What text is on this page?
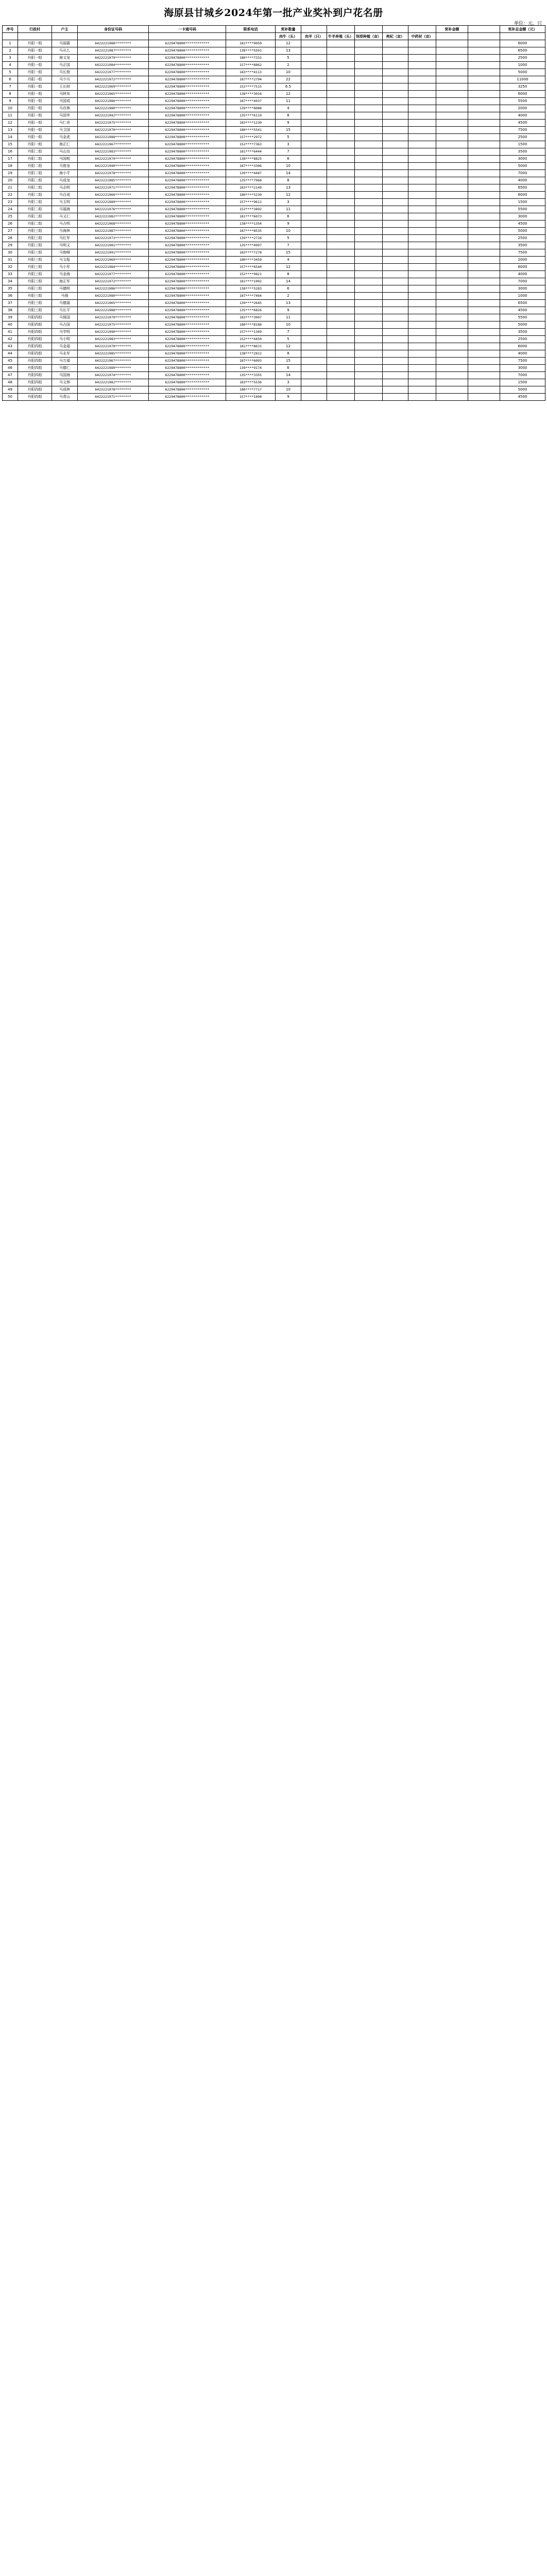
海原县甘城乡2024年第一批产业奖补到户花名册
单位：元、只
序号	行政村	户主	身份证号码	一卡通号码	联系电话	奖补数量						奖补金额		奖补总金额（元）
						肉牛（头）	肉羊（只）	牛羊养殖（头）	饲草种植（亩）	枸杞（亩）	中药材（亩）			
1	丹阳一组	马丽霞	6422221988********	6229478800************	181****9050	12								6000
2	丹阳一组	马从么	6422221987********	6229478800************	138****5501	13								6500
3	丹阳一组	海文龙	6422221979********	6229478800************	180****7331	5								2500
4	丹阳一组	马正国	6422221984********	6229478800************	157****8862	2								1000
5	丹阳一组	马长俊	6422221977********	6229478800************	183****4113	10								5000
6	丹阳一组	马少川	6422221972********	6229478800************	187****2794	22								11000
7	丹阳一组	王长财	6422221969********	6229478800************	152****7515	6.5								3250
8	丹阳一组	马阿布	6422221965********	6229478800************	138****3016	12								6000
9	丹阳一组	马国成	6422221986********	6229478800************	187****4937	11								5500
10	丹阳一组	马存林	6422221980********	6229478800************	139****8088	4								2000
11	丹阳一组	马国华	6422221992********	6229478800************	135****6119	8								4000
12	丹阳一组	马仁奇	6422221975********	6229478800************	183****1230	9								4500
13	丹阳一组	马卫国	6422221970********	6229478800************	180****5541	15								7500
14	丹阳一组	马金虎	6422221988********	6229478800************	157****2972	5								2500
15	丹阳一组	海正仁	6422221967********	6229478800************	152****7363	3								1500
16	丹阳二组	马山良	6422221983********	6229478800************	181****6444	7								3500
17	丹阳二组	马国相	6422221974********	6229478800************	138****8825	6								3000
18	丹阳二组	马俊龙	6422221990********	6229478800************	187****3306	10								5000
19	丹阳二组	海小平	6422221978********	6229478800************	139****4487	14								7000
20	丹阳二组	马成龙	6422221985********	6229478800************	135****7968	8								4000
21	丹阳二组	马志明	6422221971********	6229478800************	183****2149	13								6500
22	丹阳二组	马百成	6422221966********	6229478800************	180****5230	12								6000
23	丹阳二组	马玉明	6422221989********	6229478800************	157****9611	3								1500
24	丹阳二组	马福海	6422221976********	6229478800************	152****3892	11								5500
25	丹阳二组	马义仁	6422221982********	6229478800************	181****6073	6								3000
26	丹阳二组	马占明	6422221968********	6229478800************	138****1354	9								4500
27	丹阳三组	马海林	6422221987********	6229478800************	187****8535	10								5000
28	丹阳三组	马红军	6422221973********	6229478800************	139****2716	5								2500
29	丹阳三组	马明义	6422221981********	6229478800************	135****4997	7								3500
30	丹阳三组	马俊峰	6422221991********	6229478800************	183****7278	15								7500
31	丹阳三组	马文彪	6422221969********	6229478800************	180****3459	4								2000
32	丹阳三组	马小军	6422221984********	6229478800************	157****6540	12								6000
33	丹阳三组	马金海	6422221977********	6229478800************	152****9821	8								4000
34	丹阳三组	海正军	6422221972********	6229478800************	181****1002	14								7000
35	丹阳三组	马德明	6422221986********	6229478800************	138****5283	6								3000
36	丹阳三组	马强	6422221980********	6229478800************	187****7464	2								1000
37	丹阳三组	马德福	6422221965********	6229478800************	139****2645	13								6500
38	丹阳三组	马长平	6422221988********	6229478800************	135****6826	9								4500
39	丹阳四组	马保国	6422221979********	6229478800************	183****3007	11								5500
40	丹阳四组	马占国	6422221975********	6229478800************	180****8188	10								5000
41	丹阳四组	马学明	6422221990********	6229478800************	157****1369	7								3500
42	丹阳四组	马小明	6422221983********	6229478800************	152****4450	5								2500
43	丹阳四组	马金福	6422221970********	6229478800************	181****8631	12								6000
44	丹阳四组	马永军	6422221985********	6229478800************	138****2812	8								4000
45	丹阳四组	马万福	6422221967********	6229478800************	187****6093	15								7500
46	丹阳四组	马德仁	6422221989********	6229478800************	139****9174	6								3000
47	丹阳四组	马国海	6422221974********	6229478800************	135****3355	14								7000
48	丹阳四组	马文林	6422221982********	6229478800************	183****5536	3								1500
49	丹阳四组	马成林	6422221978********	6229478800************	180****7717	10								5000
50	丹阳四组	马青山	6422221971********	6229478800************	157****1898	9								4500
